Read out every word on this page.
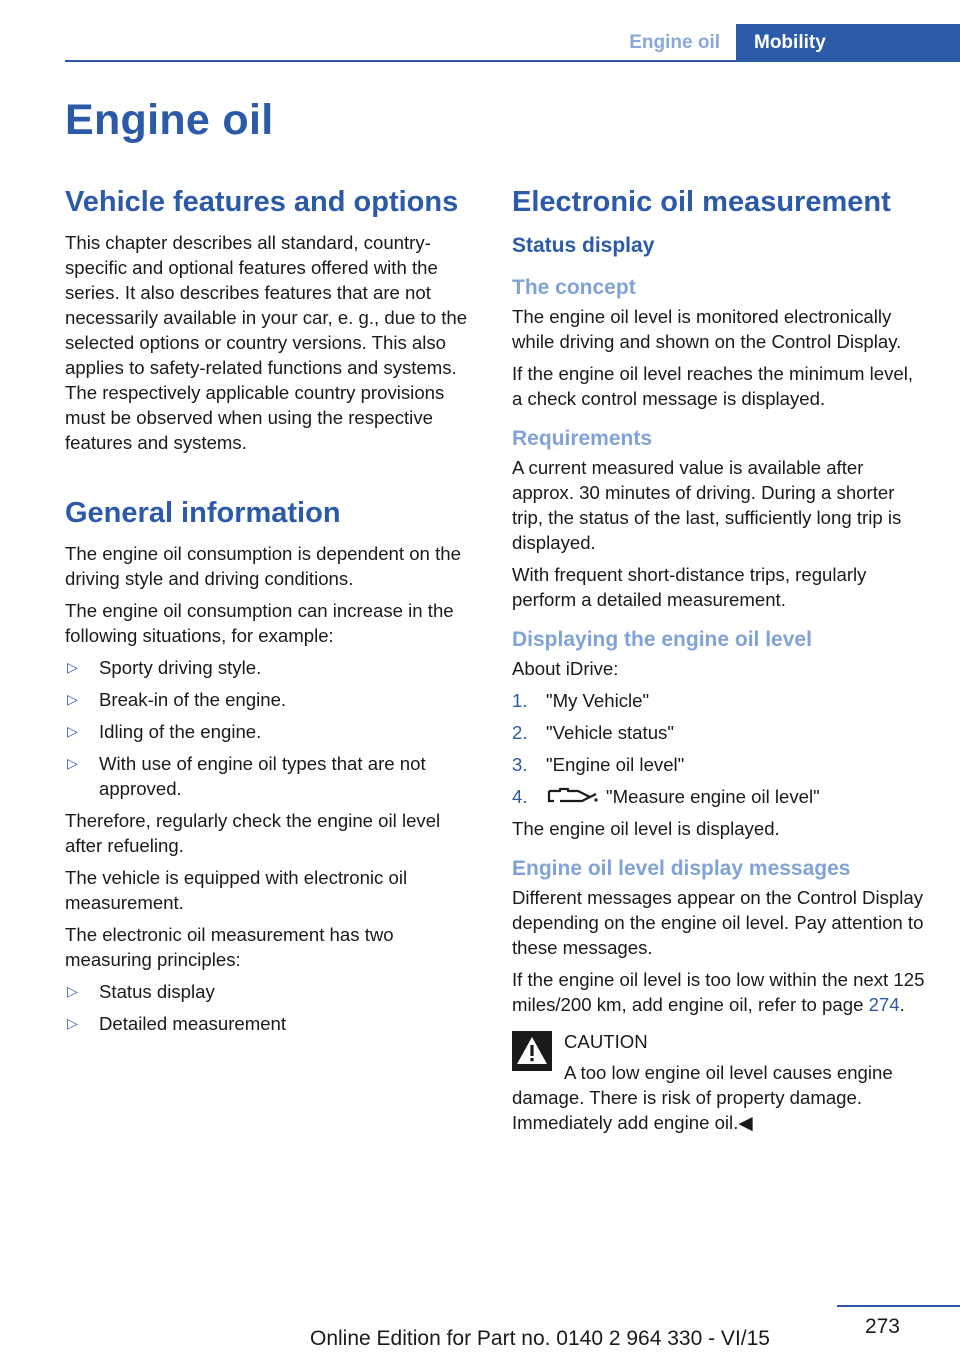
Engine oil	Mobility
Engine oil
Vehicle features and options

This chapter describes all standard, country-specific and optional features offered with the series. It also describes features that are not necessarily available in your car, e. g., due to the selected options or country versions. This also applies to safety-related functions and systems. The respectively applicable country provisions must be observed when using the respective features and systems.

General information

The engine oil consumption is dependent on the driving style and driving conditions.

The engine oil consumption can increase in the following situations, for example:

▷ Sporty driving style.
▷ Break-in of the engine.
▷ Idling of the engine.
▷ With use of engine oil types that are not approved.

Therefore, regularly check the engine oil level after refueling.

The vehicle is equipped with electronic oil measurement.

The electronic oil measurement has two measuring principles:

▷ Status display
▷ Detailed measurement
Electronic oil measurement
Status display
The concept

The engine oil level is monitored electronically while driving and shown on the Control Display.

If the engine oil level reaches the minimum level, a check control message is displayed.

Requirements

A current measured value is available after approx. 30 minutes of driving. During a shorter trip, the status of the last, sufficiently long trip is displayed.

With frequent short-distance trips, regularly perform a detailed measurement.

Displaying the engine oil level

About iDrive:

1. "My Vehicle"
2. "Vehicle status"
3. "Engine oil level"
4.	"Measure engine oil level"

The engine oil level is displayed.

Engine oil level display messages

Different messages appear on the Control Display depending on the engine oil level. Pay attention to these messages.

If the engine oil level is too low within the next 125 miles/200 km, add engine oil, refer to page 274.

CAUTION

A too low engine oil level causes engine damage. There is risk of property damage. Immediately add engine oil.◀

273
Online Edition for Part no. 0140 2 964 330 - VI/15
